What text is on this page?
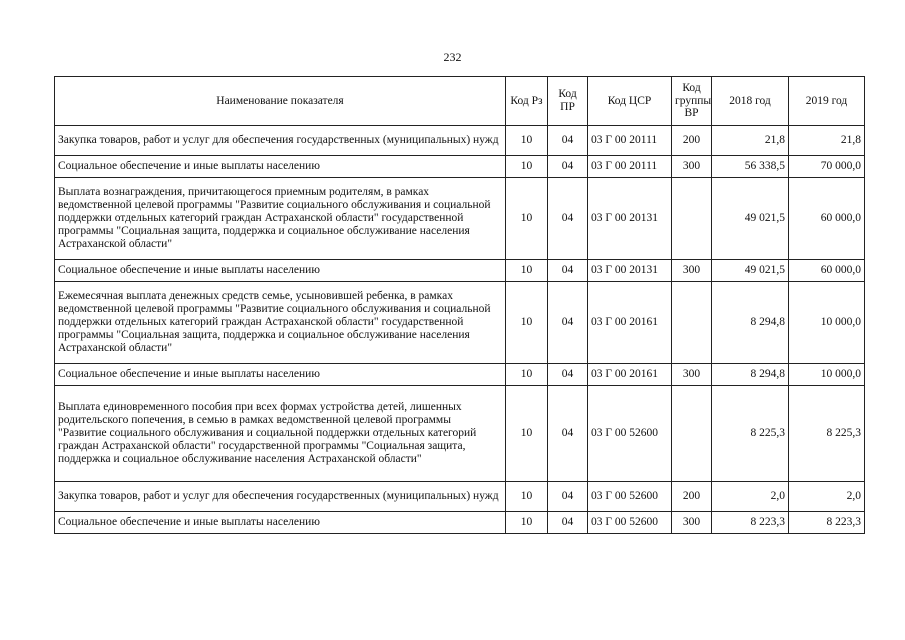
232
Наименование показателя	Код Рз	Код ПР	Код ЦСР	Код группы ВР	2018 год	2019 год
Закупка товаров, работ и услуг для обеспечения государственных (муниципальных) нужд	10	04	03 Г 00 20111	200	21,8	21,8
Социальное обеспечение и иные выплаты населению	10	04	03 Г 00 20111	300	56 338,5	70 000,0
Выплата вознаграждения, причитающегося приемным родителям, в рамках ведомственной целевой программы "Развитие социального обслуживания и социальной поддержки отдельных категорий граждан Астраханской области" государственной программы "Социальная защита, поддержка и социальное обслуживание населения Астраханской области"	10	04	03 Г 00 20131		49 021,5	60 000,0
Социальное обеспечение и иные выплаты населению	10	04	03 Г 00 20131	300	49 021,5	60 000,0
Ежемесячная выплата денежных средств семье, усыновившей ребенка, в рамках ведомственной целевой программы "Развитие социального обслуживания и социальной поддержки отдельных категорий граждан Астраханской области" государственной программы "Социальная защита, поддержка и социальное обслуживание населения Астраханской области"	10	04	03 Г 00 20161		8 294,8	10 000,0
Социальное обеспечение и иные выплаты населению	10	04	03 Г 00 20161	300	8 294,8	10 000,0
Выплата единовременного пособия при всех формах устройства детей, лишенных родительского попечения, в семью в рамках ведомственной целевой программы "Развитие социального обслуживания и социальной поддержки отдельных категорий граждан Астраханской области" государственной программы "Социальная защита, поддержка и социальное обслуживание населения Астраханской области"	10	04	03 Г 00 52600		8 225,3	8 225,3
Закупка товаров, работ и услуг для обеспечения государственных (муниципальных) нужд	10	04	03 Г 00 52600	200	2,0	2,0
Социальное обеспечение и иные выплаты населению	10	04	03 Г 00 52600	300	8 223,3	8 223,3
